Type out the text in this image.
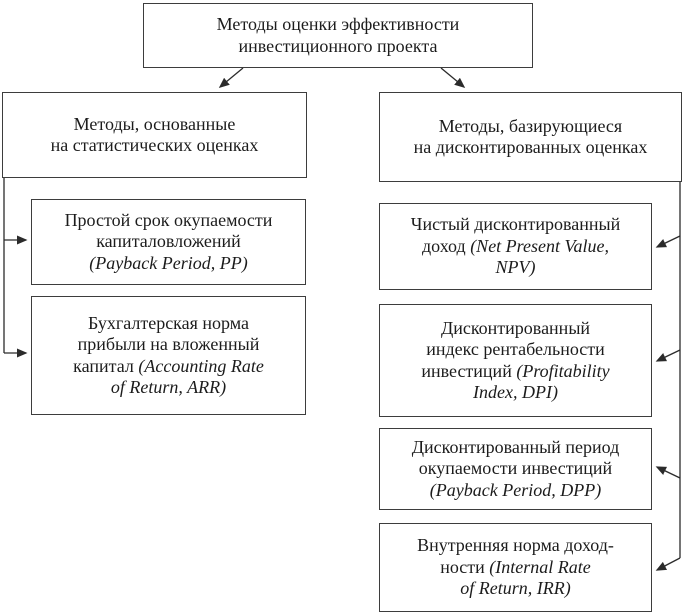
Методы оценки эффективности
инвестиционного проекта
Методы, основанные
на статистических оценках
Методы, базирующиеся
на дисконтированных оценках
Простой срок окупаемости
капиталовложений
(Payback Period, PP)
Бухгалтерская норма
прибыли на вложенный
капитал (Accounting Rate
of Return, ARR)
Чистый дисконтированный
доход (Net Present Value,
NPV)
Дисконтированный
индекс рентабельности
инвестиций (Profitability
Index, DPI)
Дисконтированный период
окупаемости инвестиций
(Payback Period, DPP)
Внутренняя норма доход-
ности (Internal Rate
of Return, IRR)
